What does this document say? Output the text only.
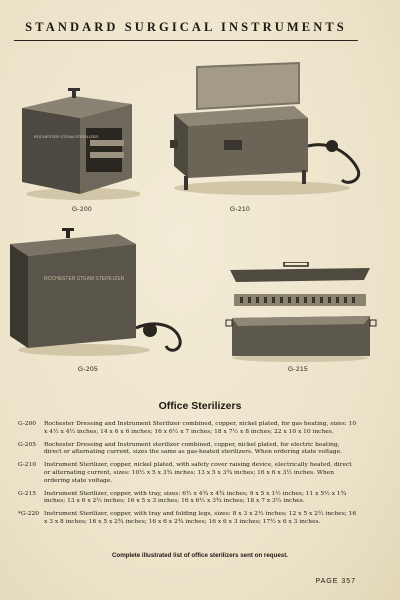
STANDARD SURGICAL INSTRUMENTS
ROCHESTER STEAM STERILIZER
G-200	G-210
ROCHESTER STEAM STERILIZER
G-205	G-215
Office Sterilizers
G-200	Rochester Dressing and Instrument Sterilizer combined, copper, nickel plated, for gas heating, sizes: 10 x 4½ x 4½ inches; 14 x 6 x 6 inches; 16 x 6½ x 7 inches; 18 x 7½ x 8 inches; 22 x 10 x 10 inches.
G-205	Rochester Dressing and Instrument sterilizer combined, copper, nickel plated, for electric heating, direct or alternating current, sizes the same as gas-heated sterilizers. When ordering state voltage.
G-210	Instrument Sterilizer, copper, nickel plated, with safety cover raising device, electrically heated, direct or alternating current, sizes: 10½ x 5 x 3¾ inches; 13 x 5 x 3¾ inches; 16 x 6 x 3½ inches. When ordering state voltage.
G-215	Instrument Sterilizer, copper, with tray, sizes: 6½ x 4¾ x 4¾ inches; 9 x 5 x 1½ inches; 11 x 5½ x 1¾ inches; 13 x 6 x 2½ inches; 16 x 5 x 3 inches; 16 x 6½ x 3¾ inches; 18 x 7 x 3½ inches.
*G-220 Instrument Sterilizer, copper, with tray and folding legs, sizes: 8 x 3 x 2½ inches; 12 x 5 x 2½ inches; 16 x 3 x 8 inches; 16 x 5 x 2¾ inches; 16 x 6 x 2¾ inches; 16 x 6 x 3 inches; 17½ x 6 x 3 inches.
Complete illustrated list of office sterilizers sent on request.
PAGE 357
